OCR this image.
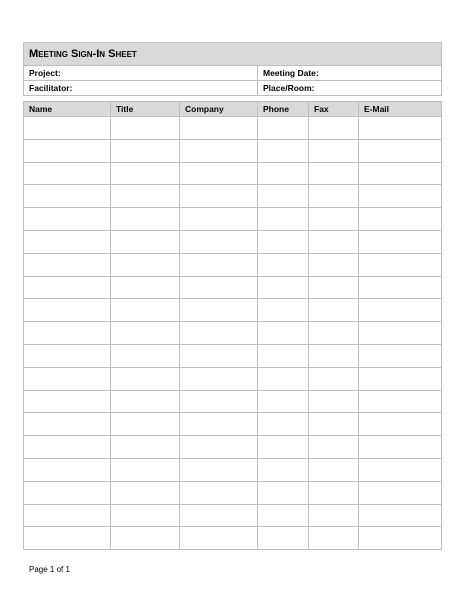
Meeting Sign-In Sheet	
Project:	Meeting Date:
Facilitator:	Place/Room:
Name	Title	Company	Phone	Fax	E-Mail

Page 1 of 1
